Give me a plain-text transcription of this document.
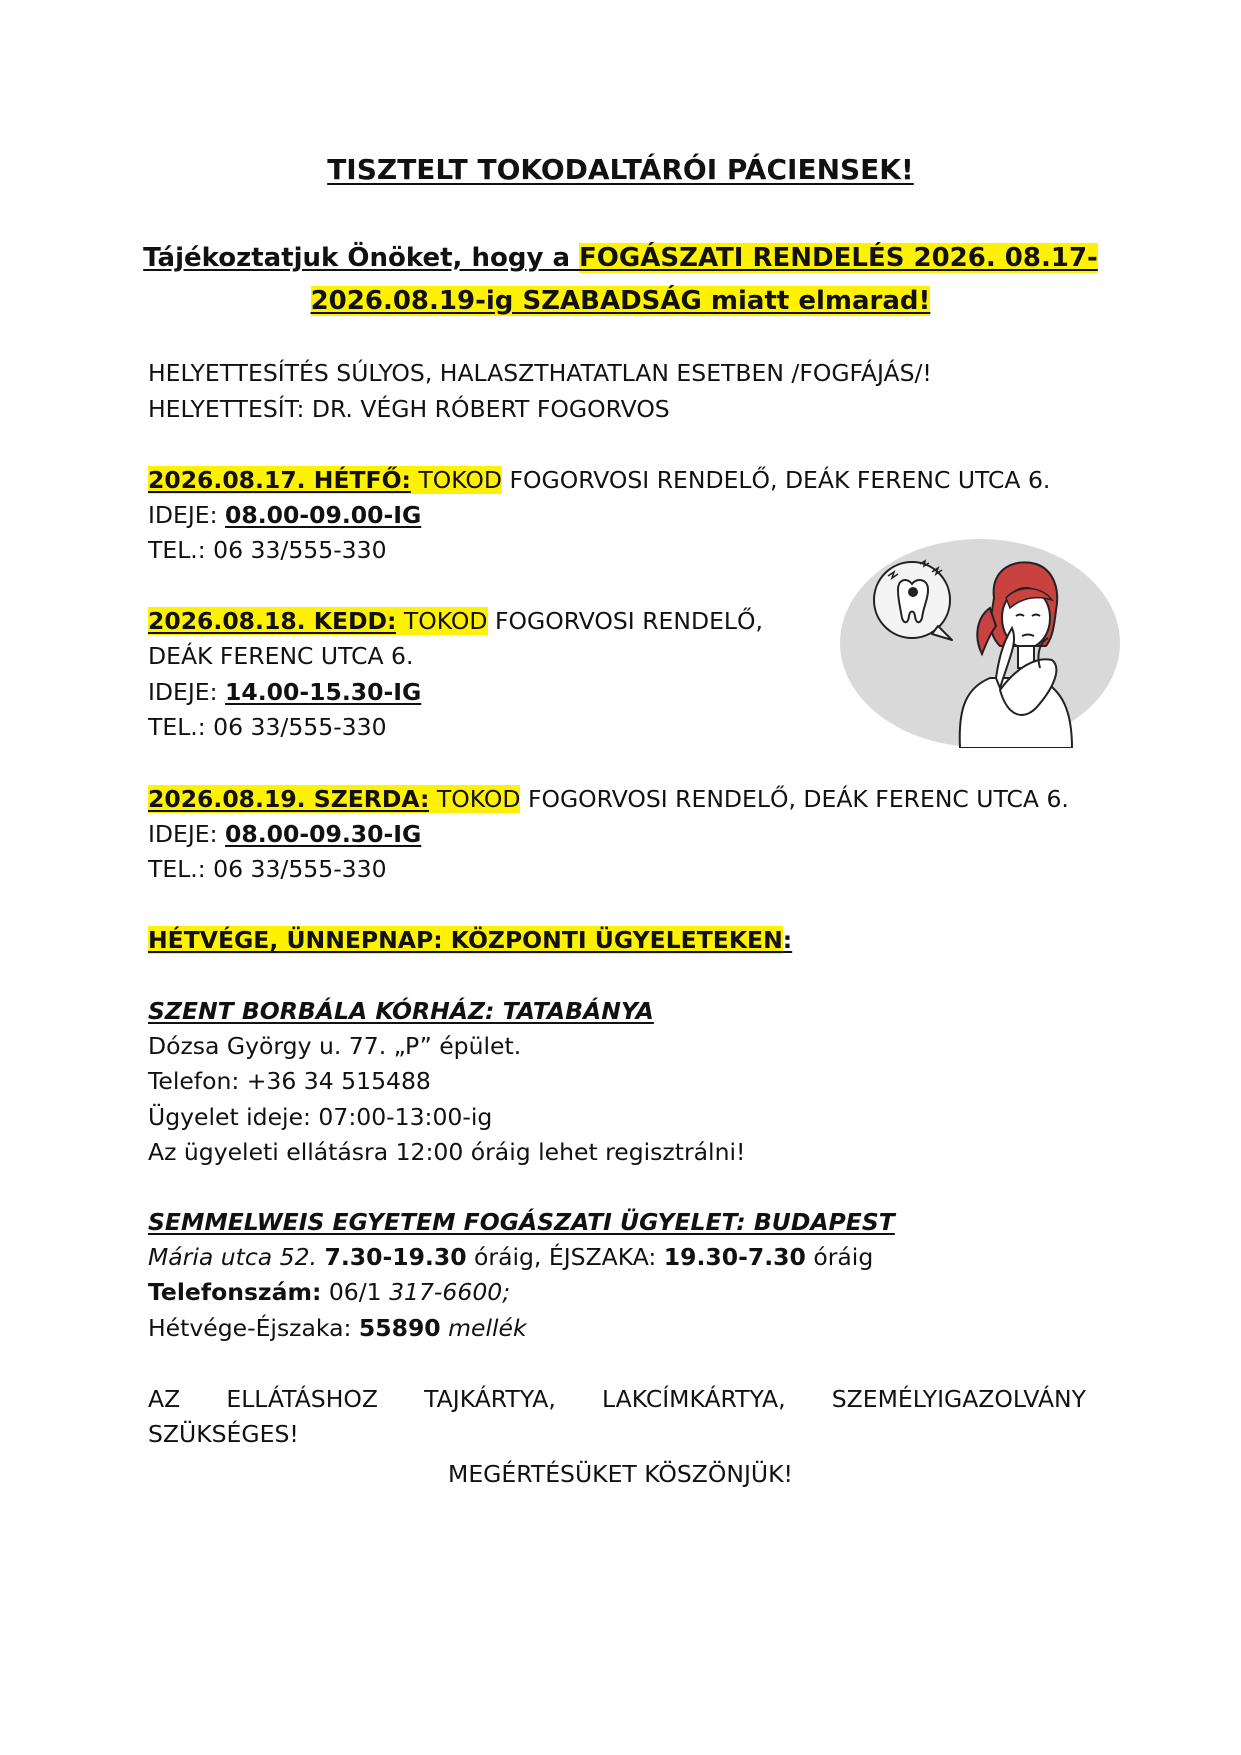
TISZTELT TOKODALTÁRÓI PÁCIENSEK!
Tájékoztatjuk Önöket, hogy a FOGÁSZATI RENDELÉS 2026. 08.17-
2026.08.19-ig SZABADSÁG miatt elmarad!
HELYETTESÍTÉS SÚLYOS, HALASZTHATATLAN ESETBEN /FOGFÁJÁS/!
HELYETTESÍT: DR. VÉGH RÓBERT FOGORVOS
2026.08.17. HÉTFŐ: TOKOD FOGORVOSI RENDELŐ, DEÁK FERENC UTCA 6.
IDEJE: 08.00-09.00-IG
TEL.: 06 33/555-330
2026.08.18. KEDD: TOKOD FOGORVOSI RENDELŐ,
DEÁK FERENC UTCA 6.
IDEJE: 14.00-15.30-IG
TEL.: 06 33/555-330
2026.08.19. SZERDA: TOKOD FOGORVOSI RENDELŐ, DEÁK FERENC UTCA 6.
IDEJE: 08.00-09.30-IG
TEL.: 06 33/555-330
HÉTVÉGE, ÜNNEPNAP: KÖZPONTI ÜGYELETEKEN:
SZENT BORBÁLA KÓRHÁZ: TATABÁNYA
Dózsa György u. 77. „P” épület.
Telefon: +36 34 515488
Ügyelet ideje: 07:00-13:00-ig
Az ügyeleti ellátásra 12:00 óráig lehet regisztrálni!
SEMMELWEIS EGYETEM FOGÁSZATI ÜGYELET: BUDAPEST
Mária utca 52. 7.30-19.30 óráig, ÉJSZAKA: 19.30-7.30 óráig
Telefonszám: 06/1 317-6600;
Hétvége-Éjszaka: 55890 mellék
AZ ELLÁTÁSHOZ TAJKÁRTYA, LAKCÍMKÁRTYA, SZEMÉLYIGAZOLVÁNY
SZÜKSÉGES!
MEGÉRTÉSÜKET KÖSZÖNJÜK!
